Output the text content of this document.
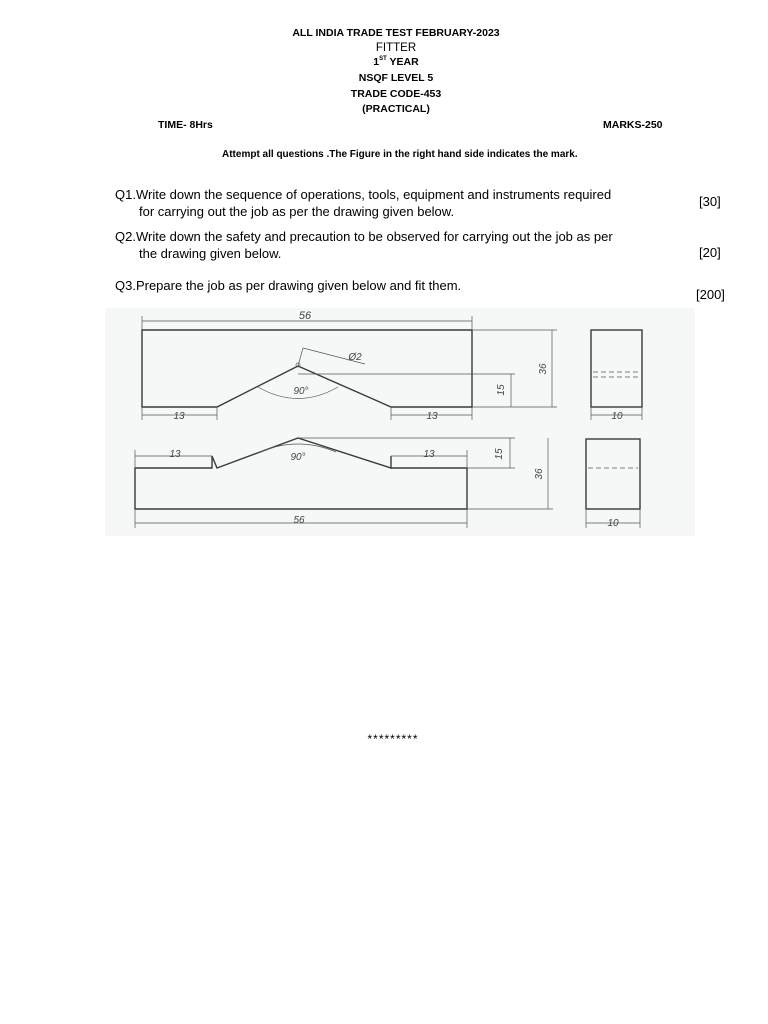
ALL INDIA TRADE TEST FEBRUARY-2023
FITTER
1ST YEAR
NSQF LEVEL 5
TRADE CODE-453
(PRACTICAL)
TIME- 8Hrs	MARKS-250
Attempt all questions .The Figure in the right hand side indicates the mark.
Q1.Write down the sequence of operations, tools, equipment and instruments required
for carrying out the job as per the drawing given below.
[30]
Q2.Write down the safety and precaution to be observed for carrying out the job as per
the drawing given below.	[20]
Q3.Prepare the job as per drawing given below and fit them.
[200]
56
Ø2
90°	15
36
13	13	10
13	90°	13	15
36
56	10
*********
